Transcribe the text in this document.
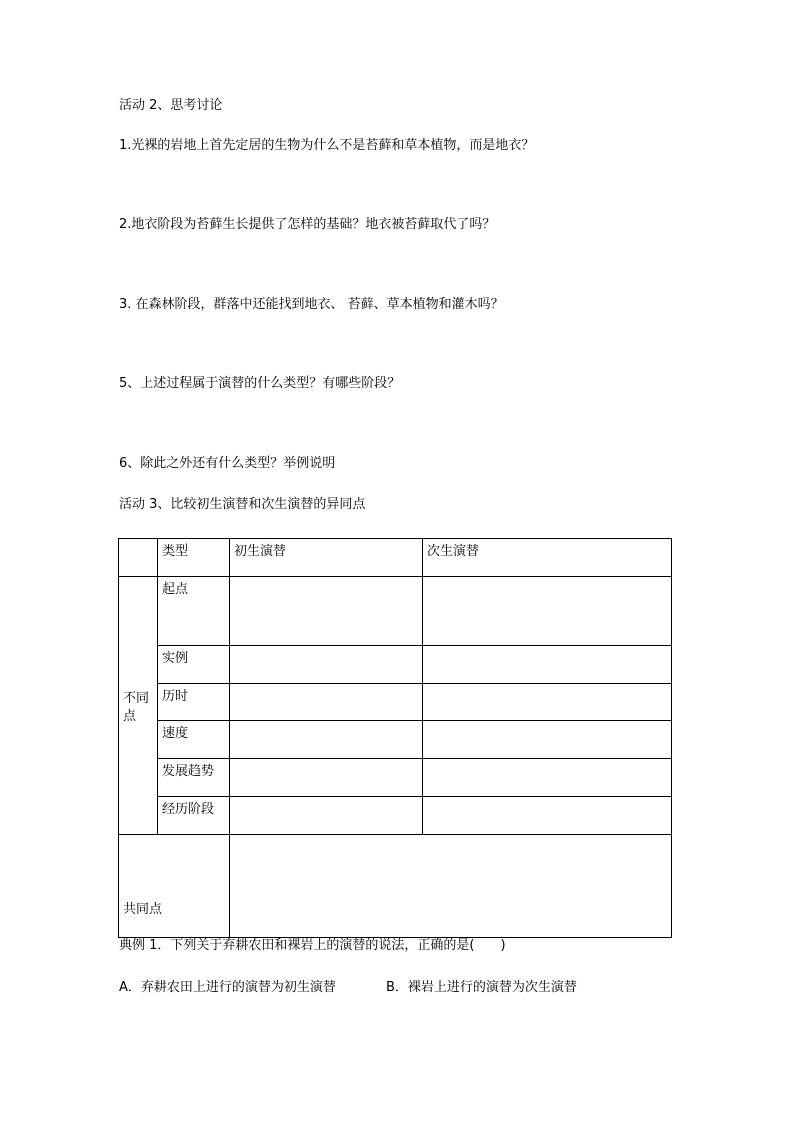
活动 2、思考讨论
1.光裸的岩地上首先定居的生物为什么不是苔藓和草本植物，而是地衣？
2.地衣阶段为苔藓生长提供了怎样的基础？地衣被苔藓取代了吗？
3. 在森林阶段，群落中还能找到地衣、 苔藓、草本植物和灌木吗？
5、上述过程属于演替的什么类型？有哪些阶段？
6、除此之外还有什么类型？举例说明
活动 3、比较初生演替和次生演替的异同点
	类型	初生演替	次生演替
不同点	起点		
	实例		
	历时		
	速度		
	发展趋势		
	经历阶段		
共同点			
典例 1．下列关于弃耕农田和裸岩上的演替的说法，正确的是(　　)
A．弃耕农田上进行的演替为初生演替	B．裸岩上进行的演替为次生演替
